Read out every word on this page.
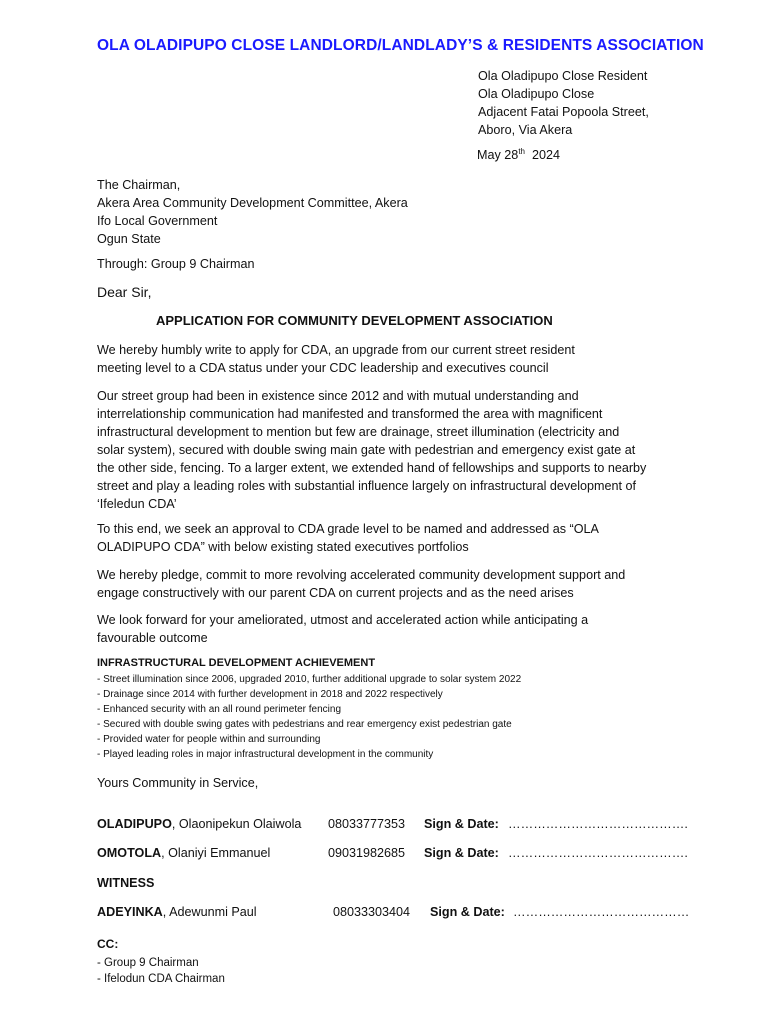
OLA OLADIPUPO CLOSE LANDLORD/LANDLADY’S & RESIDENTS ASSOCIATION
Ola Oladipupo Close Resident
Ola Oladipupo Close
Adjacent Fatai Popoola Street,
Aboro, Via Akera
May 28th 2024
The Chairman,
Akera Area Community Development Committee, Akera
Ifo Local Government
Ogun State
Through: Group 9 Chairman
Dear Sir,
APPLICATION FOR COMMUNITY DEVELOPMENT ASSOCIATION
We hereby humbly write to apply for CDA, an upgrade from our current street resident
meeting level to a CDA status under your CDC leadership and executives council
Our street group had been in existence since 2012 and with mutual understanding and
interrelationship communication had manifested and transformed the area with magnificent
infrastructural development to mention but few are drainage, street illumination (electricity and
solar system), secured with double swing main gate with pedestrian and emergency exist gate at
the other side, fencing. To a larger extent, we extended hand of fellowships and supports to nearby
street and play a leading roles with substantial influence largely on infrastructural development of
‘Ifeledun CDA’
To this end, we seek an approval to CDA grade level to be named and addressed as “OLA
OLADIPUPO CDA” with below existing stated executives portfolios
We hereby pledge, commit to more revolving accelerated community development support and
engage constructively with our parent CDA on current projects and as the need arises
We look forward for your ameliorated, utmost and accelerated action while anticipating a
favourable outcome
INFRASTRUCTURAL DEVELOPMENT ACHIEVEMENT
- Street illumination since 2006, upgraded 2010, further additional upgrade to solar system 2022
- Drainage since 2014 with further development in 2018 and 2022 respectively
- Enhanced security with an all round perimeter fencing
- Secured with double swing gates with pedestrians and rear emergency exist pedestrian gate
- Provided water for people within and surrounding
- Played leading roles in major infrastructural development in the community
Yours Community in Service,
OLADIPUPO, Olaonipekun Olaiwola 08033777353 Sign & Date: …………………………………….
OMOTOLA, Olaniyi Emmanuel	09031982685 Sign & Date: …………………………………….
WITNESS
ADEYINKA, Adewunmi Paul	08033303404 Sign & Date: ……………………………………
CC:
- Group 9 Chairman
- Ifelodun CDA Chairman
